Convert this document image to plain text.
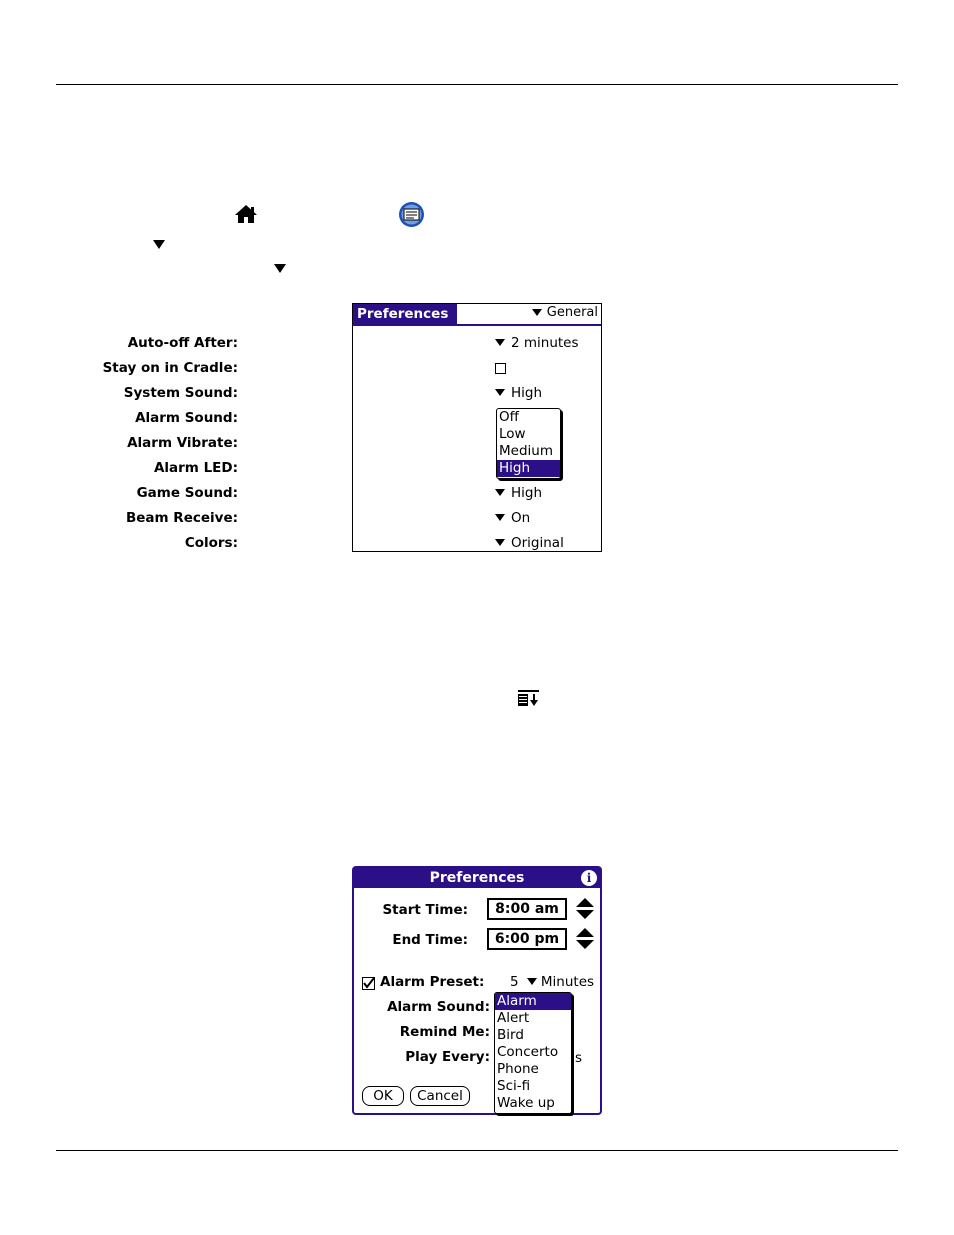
Preferences	General
Auto-off After:	2 minutes
Stay on in Cradle:
System Sound:	High
Alarm Sound:
Alarm Vibrate:
Alarm LED:
Game Sound:	High
Beam Receive:	On
Colors:	Original
Off
Low
Medium
High
Preferences	i
Start Time:	8:00 am
End Time:	6:00 pm
Alarm Preset: 5 Minutes
Alarm Sound:
Remind Me:
Play Every:	s
OK	Cancel
Alarm
Alert
Bird
Concerto
Phone
Sci-fi
Wake up
